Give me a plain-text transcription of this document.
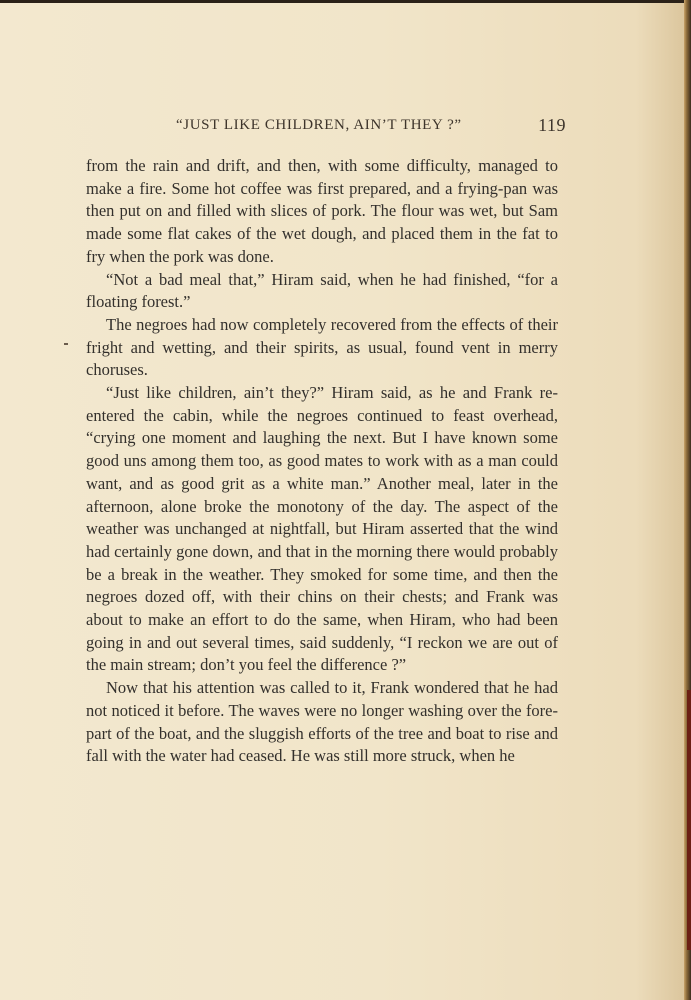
“JUST LIKE CHILDREN, AIN’T THEY ?”	119

from the rain and drift, and then, with some difficulty, managed to make a fire. Some hot coffee was first prepared, and a frying-pan was then put on and filled with slices of pork. The flour was wet, but Sam made some flat cakes of the wet dough, and placed them in the fat to fry when the pork was done.

“Not a bad meal that,” Hiram said, when he had finished, “for a floating forest.”

The negroes had now completely recovered from the effects of their fright and wetting, and their spirits, as usual, found vent in merry choruses.

“Just like children, ain’t they?” Hiram said, as he and Frank re-entered the cabin, while the negroes continued to feast overhead, “crying one moment and laughing the next. But I have known some good uns among them too, as good mates to work with as a man could want, and as good grit as a white man.” Another meal, later in the afternoon, alone broke the monotony of the day. The aspect of the weather was unchanged at nightfall, but Hiram asserted that the wind had certainly gone down, and that in the morning there would probably be a break in the weather. They smoked for some time, and then the negroes dozed off, with their chins on their chests; and Frank was about to make an effort to do the same, when Hiram, who had been going in and out several times, said suddenly, “I reckon we are out of the main stream; don’t you feel the difference ?”

Now that his attention was called to it, Frank wondered that he had not noticed it before. The waves were no longer washing over the fore-part of the boat, and the sluggish efforts of the tree and boat to rise and fall with the water had ceased. He was still more struck, when he
